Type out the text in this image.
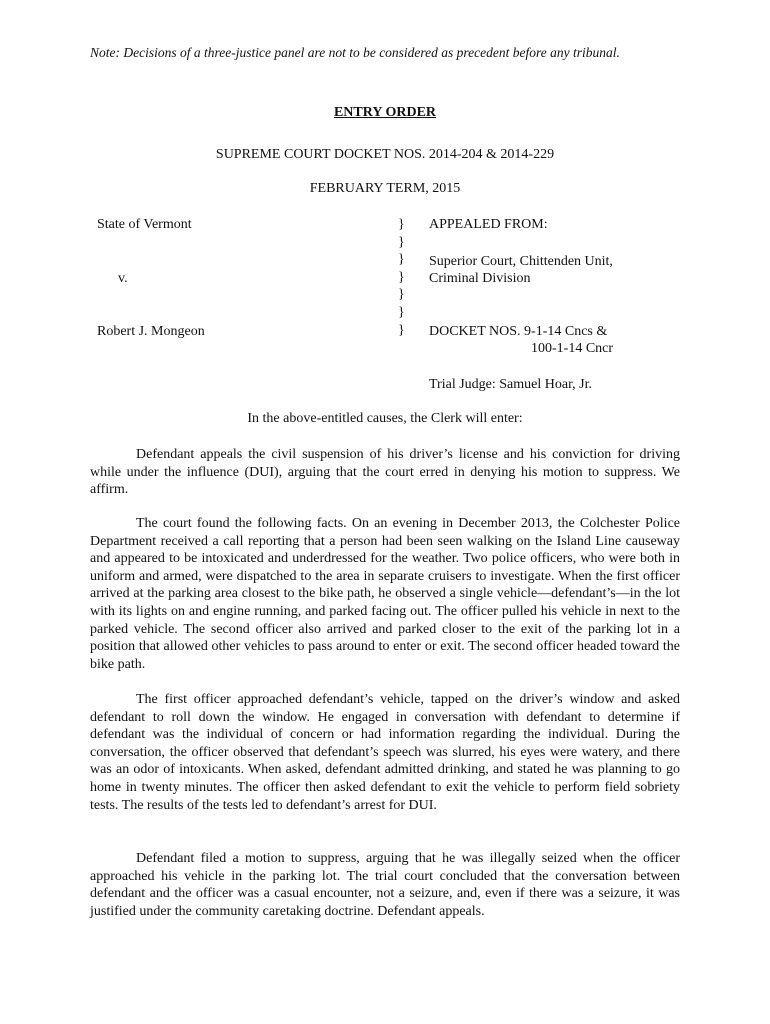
Note: Decisions of a three-justice panel are not to be considered as precedent before any tribunal.
ENTRY ORDER
SUPREME COURT DOCKET NOS. 2014-204 & 2014-229
FEBRUARY TERM, 2015
State of Vermont
v.
Robert J. Mongeon
}
}
}
}
}
}
}
APPEALED FROM:
Superior Court, Chittenden Unit,
Criminal Division
DOCKET NOS. 9-1-14 Cncs &
100-1-14 Cncr
Trial Judge: Samuel Hoar, Jr.
In the above-entitled causes, the Clerk will enter:

Defendant appeals the civil suspension of his driver’s license and his conviction for driving while under the influence (DUI), arguing that the court erred in denying his motion to suppress. We affirm.

The court found the following facts. On an evening in December 2013, the Colchester Police Department received a call reporting that a person had been seen walking on the Island Line causeway and appeared to be intoxicated and underdressed for the weather. Two police officers, who were both in uniform and armed, were dispatched to the area in separate cruisers to investigate. When the first officer arrived at the parking area closest to the bike path, he observed a single vehicle—defendant’s—in the lot with its lights on and engine running, and parked facing out. The officer pulled his vehicle in next to the parked vehicle. The second officer also arrived and parked closer to the exit of the parking lot in a position that allowed other vehicles to pass around to enter or exit. The second officer headed toward the bike path.

The first officer approached defendant’s vehicle, tapped on the driver’s window and asked defendant to roll down the window. He engaged in conversation with defendant to determine if defendant was the individual of concern or had information regarding the individual. During the conversation, the officer observed that defendant’s speech was slurred, his eyes were watery, and there was an odor of intoxicants. When asked, defendant admitted drinking, and stated he was planning to go home in twenty minutes. The officer then asked defendant to exit the vehicle to perform field sobriety tests. The results of the tests led to defendant’s arrest for DUI.

Defendant filed a motion to suppress, arguing that he was illegally seized when the officer approached his vehicle in the parking lot. The trial court concluded that the conversation between defendant and the officer was a casual encounter, not a seizure, and, even if there was a seizure, it was justified under the community caretaking doctrine. Defendant appeals.
